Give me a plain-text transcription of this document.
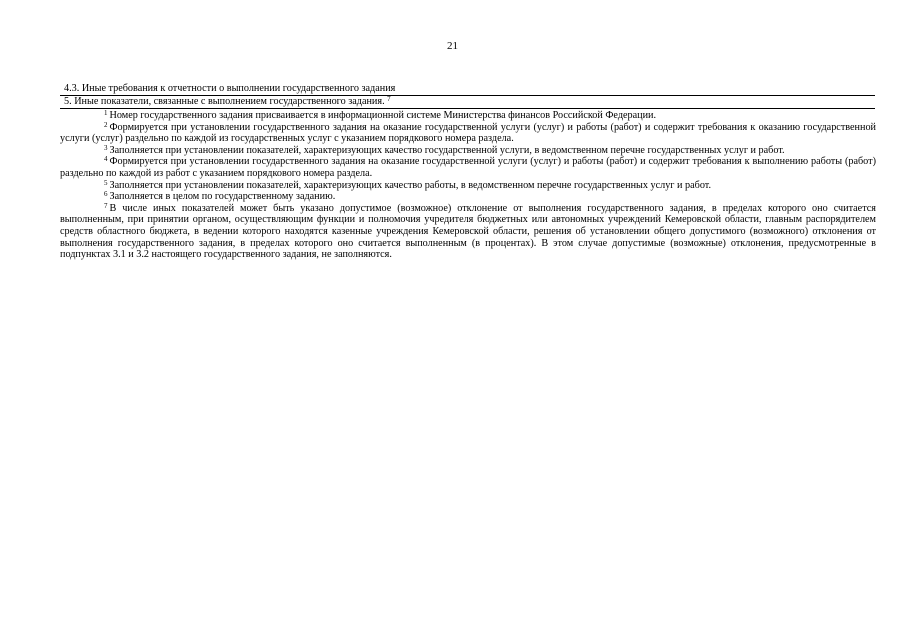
21
4.3. Иные требования к отчетности о выполнении государственного задания
5. Иные показатели, связанные с выполнением государственного задания. $^7$

$^1$ Номер государственного задания присваивается в информационной системе Министерства финансов Российской Федерации.

$^2$ Формируется при установлении государственного задания на оказание государственной услуги (услуг) и работы (работ) и содержит требования к оказанию государственной услуги (услуг) раздельно по каждой из государственных услуг с указанием порядкового номера раздела.

$^3$ Заполняется при установлении показателей, характеризующих качество государственной услуги, в ведомственном перечне государственных услуг и работ.

$^4$ Формируется при установлении государственного задания на оказание государственной услуги (услуг) и работы (работ) и содержит требования к выполнению работы (работ) раздельно по каждой из работ с указанием порядкового номера раздела.

$^5$ Заполняется при установлении показателей, характеризующих качество работы, в ведомственном перечне государственных услуг и работ.

$^6$ Заполняется в целом по государственному заданию.

$^7$ В числе иных показателей может быть указано допустимое (возможное) отклонение от выполнения государственного задания, в пределах которого оно считается выполненным, при принятии органом, осуществляющим функции и полномочия учредителя бюджетных или автономных учреждений Кемеровской области, главным распорядителем средств областного бюджета, в ведении которого находятся казенные учреждения Кемеровской области, решения об установлении общего допустимого (возможного) отклонения от выполнения государственного задания, в пределах которого оно считается выполненным (в процентах). В этом случае допустимые (возможные) отклонения, предусмотренные в подпунктах 3.1 и 3.2 настоящего государственного задания, не заполняются.
